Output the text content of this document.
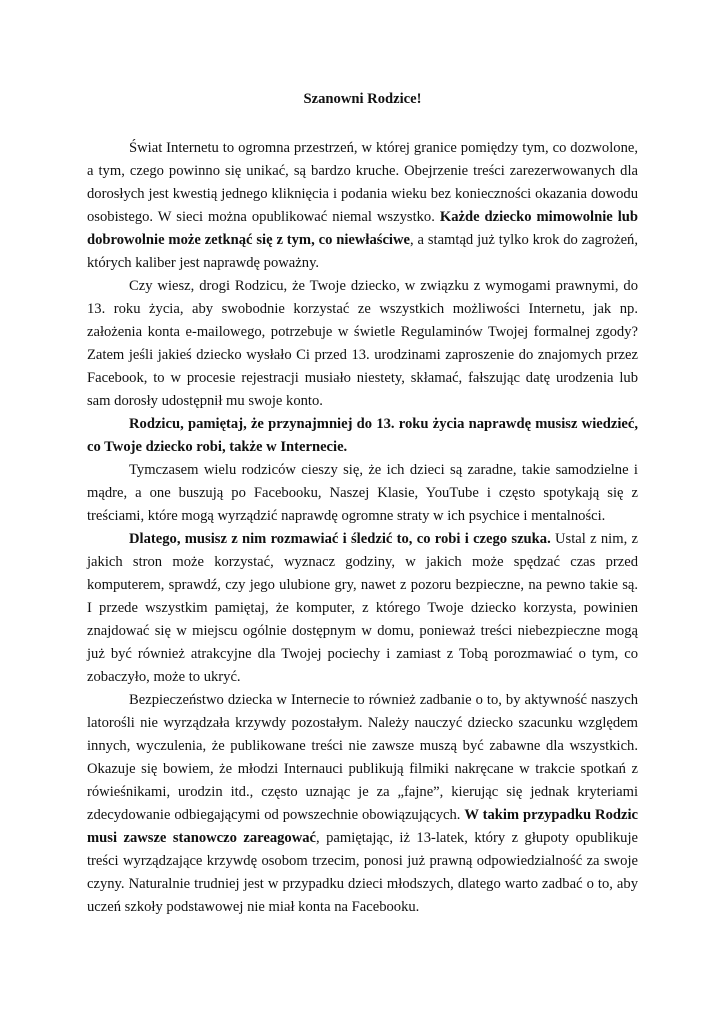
Szanowni Rodzice!

Świat Internetu to ogromna przestrzeń, w której granice pomiędzy tym, co dozwolone, a tym, czego powinno się unikać, są bardzo kruche. Obejrzenie treści zarezerwowanych dla dorosłych jest kwestią jednego kliknięcia i podania wieku bez konieczności okazania dowodu osobistego. W sieci można opublikować niemal wszystko. Każde dziecko mimowolnie lub dobrowolnie może zetknąć się z tym, co niewłaściwe, a stamtąd już tylko krok do zagrożeń, których kaliber jest naprawdę poważny.

Czy wiesz, drogi Rodzicu, że Twoje dziecko, w związku z wymogami prawnymi, do 13. roku życia, aby swobodnie korzystać ze wszystkich możliwości Internetu, jak np. założenia konta e-mailowego, potrzebuje w świetle Regulaminów Twojej formalnej zgody? Zatem jeśli jakieś dziecko wysłało Ci przed 13. urodzinami zaproszenie do znajomych przez Facebook, to w procesie rejestracji musiało niestety, skłamać, fałszując datę urodzenia lub sam dorosły udostępnił mu swoje konto.

Rodzicu, pamiętaj, że przynajmniej do 13. roku życia naprawdę musisz wiedzieć, co Twoje dziecko robi, także w Internecie.

Tymczasem wielu rodziców cieszy się, że ich dzieci są zaradne, takie samodzielne i mądre, a one buszują po Facebooku, Naszej Klasie, YouTube i często spotykają się z treściami, które mogą wyrządzić naprawdę ogromne straty w ich psychice i mentalności.

Dlatego, musisz z nim rozmawiać i śledzić to, co robi i czego szuka. Ustal z nim, z jakich stron może korzystać, wyznacz godziny, w jakich może spędzać czas przed komputerem, sprawdź, czy jego ulubione gry, nawet z pozoru bezpieczne, na pewno takie są. I przede wszystkim pamiętaj, że komputer, z którego Twoje dziecko korzysta, powinien znajdować się w miejscu ogólnie dostępnym w domu, ponieważ treści niebezpieczne mogą już być również atrakcyjne dla Twojej pociechy i zamiast z Tobą porozmawiać o tym, co zobaczyło, może to ukryć.

Bezpieczeństwo dziecka w Internecie to również zadbanie o to, by aktywność naszych latorośli nie wyrządzała krzywdy pozostałym. Należy nauczyć dziecko szacunku względem innych, wyczulenia, że publikowane treści nie zawsze muszą być zabawne dla wszystkich. Okazuje się bowiem, że młodzi Internauci publikują filmiki nakręcane w trakcie spotkań z rówieśnikami, urodzin itd., często uznając je za „fajne”, kierując się jednak kryteriami zdecydowanie odbiegającymi od powszechnie obowiązujących. W takim przypadku Rodzic musi zawsze stanowczo zareagować, pamiętając, iż 13-latek, który z głupoty opublikuje treści wyrządzające krzywdę osobom trzecim, ponosi już prawną odpowiedzialność za swoje czyny. Naturalnie trudniej jest w przypadku dzieci młodszych, dlatego warto zadbać o to, aby uczeń szkoły podstawowej nie miał konta na Facebooku.
